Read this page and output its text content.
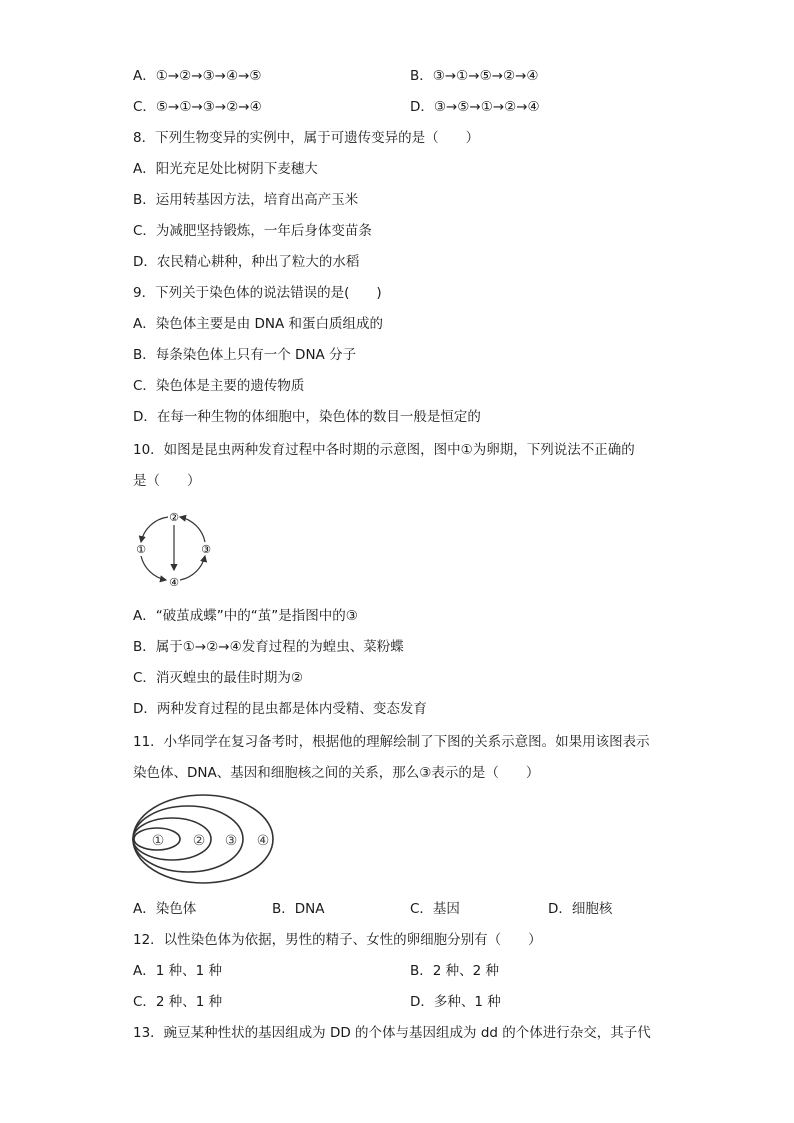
A．①→②→③→④→⑤	B．③→①→⑤→②→④
C．⑤→①→③→②→④	D．③→⑤→①→②→④
8．下列生物变异的实例中，属于可遗传变异的是（　　）
A．阳光充足处比树阴下麦穗大
B．运用转基因方法，培育出高产玉米
C．为减肥坚持锻炼，一年后身体变苗条
D．农民精心耕种，种出了粒大的水稻
9．下列关于染色体的说法错误的是(　　)
A．染色体主要是由 DNA 和蛋白质组成的
B．每条染色体上只有一个 DNA 分子
C．染色体是主要的遗传物质
D．在每一种生物的体细胞中，染色体的数目一般是恒定的
10．如图是昆虫两种发育过程中各时期的示意图，图中①为卵期，下列说法不正确的
是（　　）
②
①	③
④
A．“破茧成蝶”中的“茧”是指图中的③
B．属于①→②→④发育过程的为蝗虫、菜粉蝶
C．消灭蝗虫的最佳时期为②
D．两种发育过程的昆虫都是体内受精、变态发育
11．小华同学在复习备考时，根据他的理解绘制了下图的关系示意图。如果用该图表示
染色体、DNA、基因和细胞核之间的关系，那么③表示的是（　　）
① ② ③ ④
A．染色体	B．DNA	C．基因	D．细胞核
12．以性染色体为依据，男性的精子、女性的卵细胞分别有（　　）
A．1 种、1 种	B．2 种、2 种
C．2 种、1 种	D．多种、1 种
13．豌豆某种性状的基因组成为 DD 的个体与基因组成为 dd 的个体进行杂交，其子代
